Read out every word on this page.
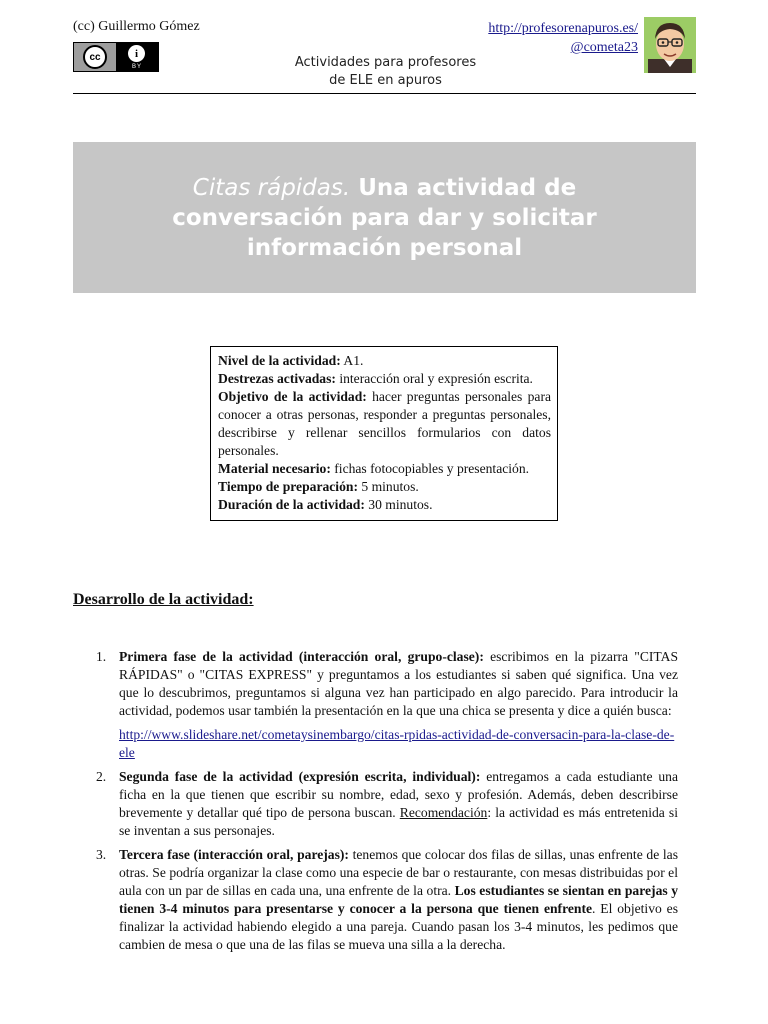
(cc) Guillermo Gómez
cc	i
BY	Actividades para profesores
de ELE en apuros
http://profesorenapuros.es/
@cometa23
Citas rápidas. Una actividad de conversación para dar y solicitar información personal

Nivel de la actividad: A1.

Destrezas activadas: interacción oral y expresión escrita.

Objetivo de la actividad: hacer preguntas personales para conocer a otras personas, responder a preguntas personales, describirse y rellenar sencillos formularios con datos personales.

Material necesario: fichas fotocopiables y presentación.

Tiempo de preparación: 5 minutos.

Duración de la actividad: 30 minutos.

Desarrollo de la actividad:
1. Primera fase de la actividad (interacción oral, grupo-clase): escribimos en la pizarra "CITAS RÁPIDAS" o "CITAS EXPRESS" y preguntamos a los estudiantes si saben qué significa. Una vez que lo descubrimos, preguntamos si alguna vez han participado en algo parecido. Para introducir la actividad, podemos usar también la presentación en la que una chica se presenta y dice a quién busca:

http://www.slideshare.net/cometaysinembargo/citas-rpidas-actividad-de-conversacin-para-la-clase-de-ele

2. Segunda fase de la actividad (expresión escrita, individual): entregamos a cada estudiante una ficha en la que tienen que escribir su nombre, edad, sexo y profesión. Además, deben describirse brevemente y detallar qué tipo de persona buscan. Recomendación: la actividad es más entretenida si se inventan a sus personajes.

3. Tercera fase (interacción oral, parejas): tenemos que colocar dos filas de sillas, unas enfrente de las otras. Se podría organizar la clase como una especie de bar o restaurante, con mesas distribuidas por el aula con un par de sillas en cada una, una enfrente de la otra. Los estudiantes se sientan en parejas y tienen 3-4 minutos para presentarse y conocer a la persona que tienen enfrente. El objetivo es finalizar la actividad habiendo elegido a una pareja. Cuando pasan los 3-4 minutos, les pedimos que cambien de mesa o que una de las filas se mueva una silla a la derecha.
